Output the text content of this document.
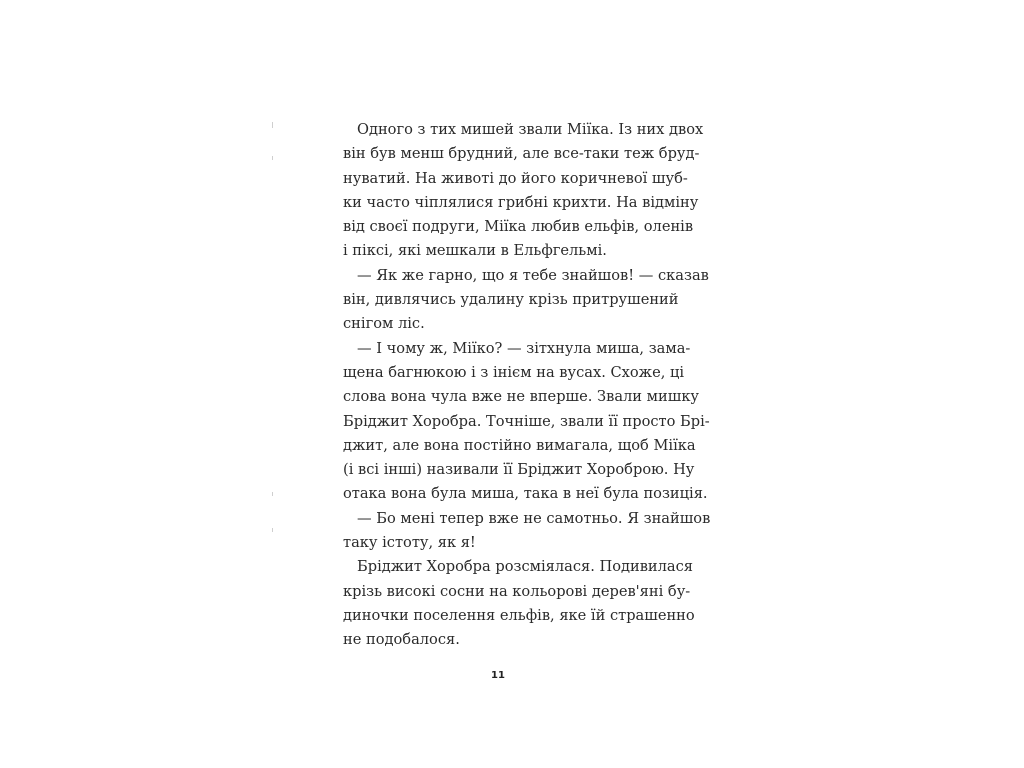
Одного з тих мишей звали Міїка. Із них двох
він був менш брудний, але все-таки теж бруд-
нуватий. На животі до його коричневої шуб-
ки часто чіплялися грибні крихти. На відміну
від своєї подруги, Міїка любив ельфів, оленів
і піксі, які мешкали в Ельфгельмі.
— Як же гарно, що я тебе знайшов! — сказав
він, дивлячись удалину крізь притрушений
снігом ліс.
— І чому ж, Міїко? — зітхнула миша, зама-
щена багнюкою і з інієм на вусах. Схоже, ці
слова вона чула вже не вперше. Звали мишку
Бріджит Хоробра. Точніше, звали її просто Брі-
джит, але вона постійно вимагала, щоб Міїка
(і всі інші) називали її Бріджит Хороброю. Ну
отака вона була миша, така в неї була позиція.
— Бо мені тепер вже не самотньо. Я знайшов
таку істоту, як я!
Бріджит Хоробра розсміялася. Подивилася
крізь високі сосни на кольорові дерев'яні бу-
диночки поселення ельфів, яке їй страшенно
не подобалося.
11
